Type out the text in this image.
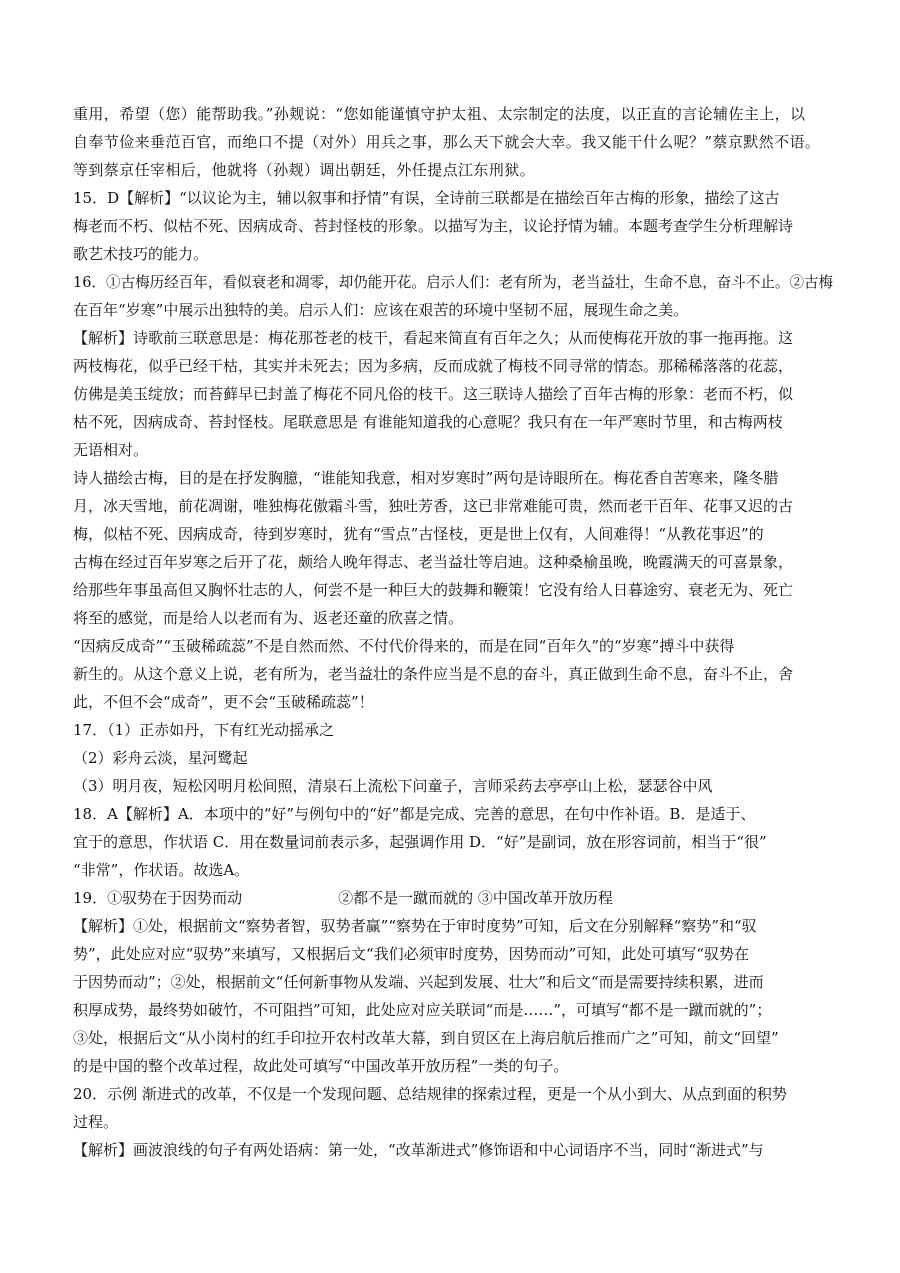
重用，希望（您）能帮助我。”孙觌说：“您如能谨慎守护太祖、太宗制定的法度，以正直的言论辅佐主上，以
自奉节俭来垂范百官，而绝口不提（对外）用兵之事，那么天下就会大幸。我又能干什么呢？”蔡京默然不语。
等到蔡京任宰相后，他就将（孙觌）调出朝廷，外任提点江东刑狱。
15．D【解析】“以议论为主，辅以叙事和抒情”有误，全诗前三联都是在描绘百年古梅的形象，描绘了这古
梅老而不朽、似枯不死、因病成奇、苔封怪枝的形象。以描写为主，议论抒情为辅。本题考查学生分析理解诗
歌艺术技巧的能力。
16．①古梅历经百年，看似衰老和凋零，却仍能开花。启示人们：老有所为，老当益壮，生命不息，奋斗不止。②古梅
在百年“岁寒”中展示出独特的美。启示人们：应该在艰苦的环境中坚韧不屈，展现生命之美。
【解析】诗歌前三联意思是：梅花那苍老的枝干，看起来简直有百年之久；从而使梅花开放的事一拖再拖。这
两枝梅花，似乎已经干枯，其实并未死去；因为多病，反而成就了梅枝不同寻常的情态。那稀稀落落的花蕊，
仿佛是美玉绽放；而苔藓早已封盖了梅花不同凡俗的枝干。这三联诗人描绘了百年古梅的形象：老而不朽，似
枯不死，因病成奇、苔封怪枝。尾联意思是 有谁能知道我的心意呢？我只有在一年严寒时节里，和古梅两枝
无语相对。
诗人描绘古梅，目的是在抒发胸臆，“谁能知我意，相对岁寒时”两句是诗眼所在。梅花香自苦寒来，隆冬腊
月，冰天雪地，前花凋谢，唯独梅花傲霜斗雪，独吐芳香，这已非常难能可贵，然而老干百年、花事又迟的古
梅，似枯不死、因病成奇，待到岁寒时，犹有“雪点”古怪枝，更是世上仅有，人间难得！“从教花事迟”的
古梅在经过百年岁寒之后开了花，颇给人晚年得志、老当益壮等启迪。这种桑榆虽晚，晚霞满天的可喜景象，
给那些年事虽高但又胸怀壮志的人，何尝不是一种巨大的鼓舞和鞭策！它没有给人日暮途穷、衰老无为、死亡
将至的感觉，而是给人以老而有为、返老还童的欣喜之情。
“因病反成奇”“玉破稀疏蕊”不是自然而然、不付代价得来的，而是在同“百年久”的“岁寒”搏斗中获得
新生的。从这个意义上说，老有所为，老当益壮的条件应当是不息的奋斗，真正做到生命不息，奋斗不止，舍
此，不但不会“成奇”，更不会“玉破稀疏蕊”！
17．（1）正赤如丹，下有红光动摇承之
（2）彩舟云淡，星河鹭起
（3）明月夜，短松冈明月松间照，清泉石上流松下问童子，言师采药去亭亭山上松，瑟瑟谷中风
18．A【解析】A．本项中的“好”与例句中的“好”都是完成、完善的意思，在句中作补语。B．是适于、
宜于的意思，作状语 C．用在数量词前表示多，起强调作用 D．“好”是副词，放在形容词前，相当于“很”
“非常”，作状语。故选A。
19．①驭势在于因势而动	②都不是一蹴而就的 ③中国改革开放历程
【解析】①处，根据前文“察势者智，驭势者赢”“察势在于审时度势”可知，后文在分别解释“察势”和“驭
势”，此处应对应“驭势”来填写，又根据后文“我们必须审时度势，因势而动”可知，此处可填写“驭势在
于因势而动”；②处，根据前文“任何新事物从发端、兴起到发展、壮大”和后文“而是需要持续积累，进而
积厚成势，最终势如破竹，不可阻挡”可知，此处应对应关联词“而是……”，可填写“都不是一蹴而就的”；
③处，根据后文“从小岗村的红手印拉开农村改革大幕，到自贸区在上海启航后推而广之”可知，前文“回望”
的是中国的整个改革过程，故此处可填写“中国改革开放历程”一类的句子。
20．示例 渐进式的改革，不仅是一个发现问题、总结规律的探索过程，更是一个从小到大、从点到面的积势
过程。
【解析】画波浪线的句子有两处语病：第一处，“改革渐进式”修饰语和中心词语序不当，同时“渐进式”与
